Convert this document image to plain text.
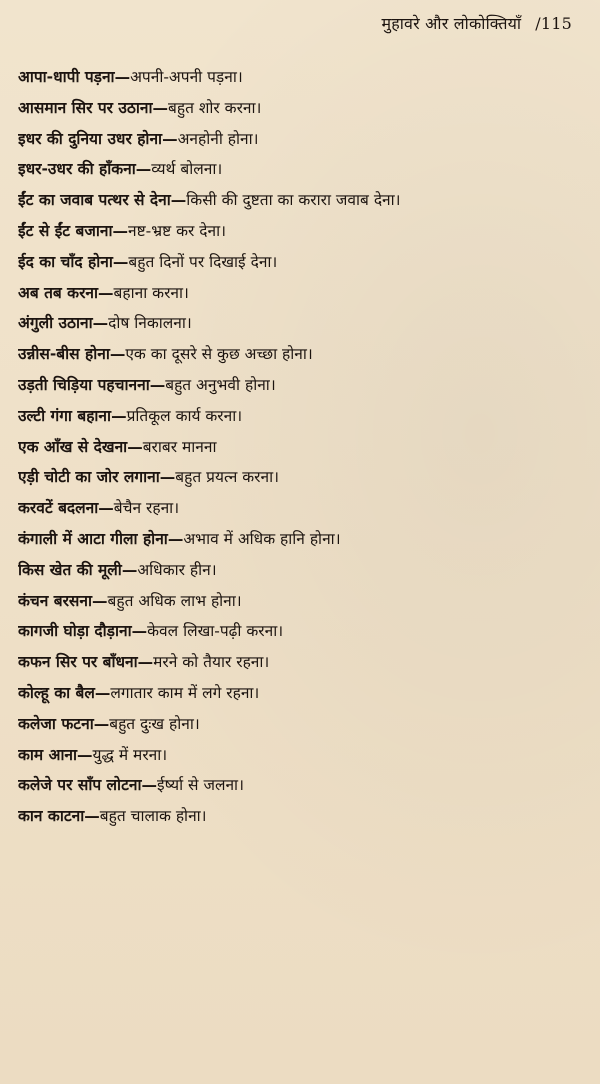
मुहावरे और लोकोक्तियाँ /115
आपा-धापी पड़ना—अपनी-अपनी पड़ना।
आसमान सिर पर उठाना—बहुत शोर करना।
इधर की दुनिया उधर होना—अनहोनी होना।
इधर-उधर की हाँकना—व्यर्थ बोलना।
ईंट का जवाब पत्थर से देना—किसी की दुष्टता का करारा जवाब देना।
ईंट से ईंट बजाना—नष्ट-भ्रष्ट कर देना।
ईद का चाँद होना—बहुत दिनों पर दिखाई देना।
अब तब करना—बहाना करना।
अंगुली उठाना—दोष निकालना।
उन्नीस-बीस होना—एक का दूसरे से कुछ अच्छा होना।
उड़ती चिड़िया पहचानना—बहुत अनुभवी होना।
उल्टी गंगा बहाना—प्रतिकूल कार्य करना।
एक आँख से देखना—बराबर मानना
एड़ी चोटी का जोर लगाना—बहुत प्रयत्न करना।
करवटें बदलना—बेचैन रहना।
कंगाली में आटा गीला होना—अभाव में अधिक हानि होना।
किस खेत की मूली—अधिकार हीन।
कंचन बरसना—बहुत अधिक लाभ होना।
कागजी घोड़ा दौड़ाना—केवल लिखा-पढ़ी करना।
कफन सिर पर बाँधना—मरने को तैयार रहना।
कोल्हू का बैल—लगातार काम में लगे रहना।
कलेजा फटना—बहुत दुःख होना।
काम आना—युद्ध में मरना।
कलेजे पर साँप लोटना—ईर्ष्या से जलना।
कान काटना—बहुत चालाक होना।
